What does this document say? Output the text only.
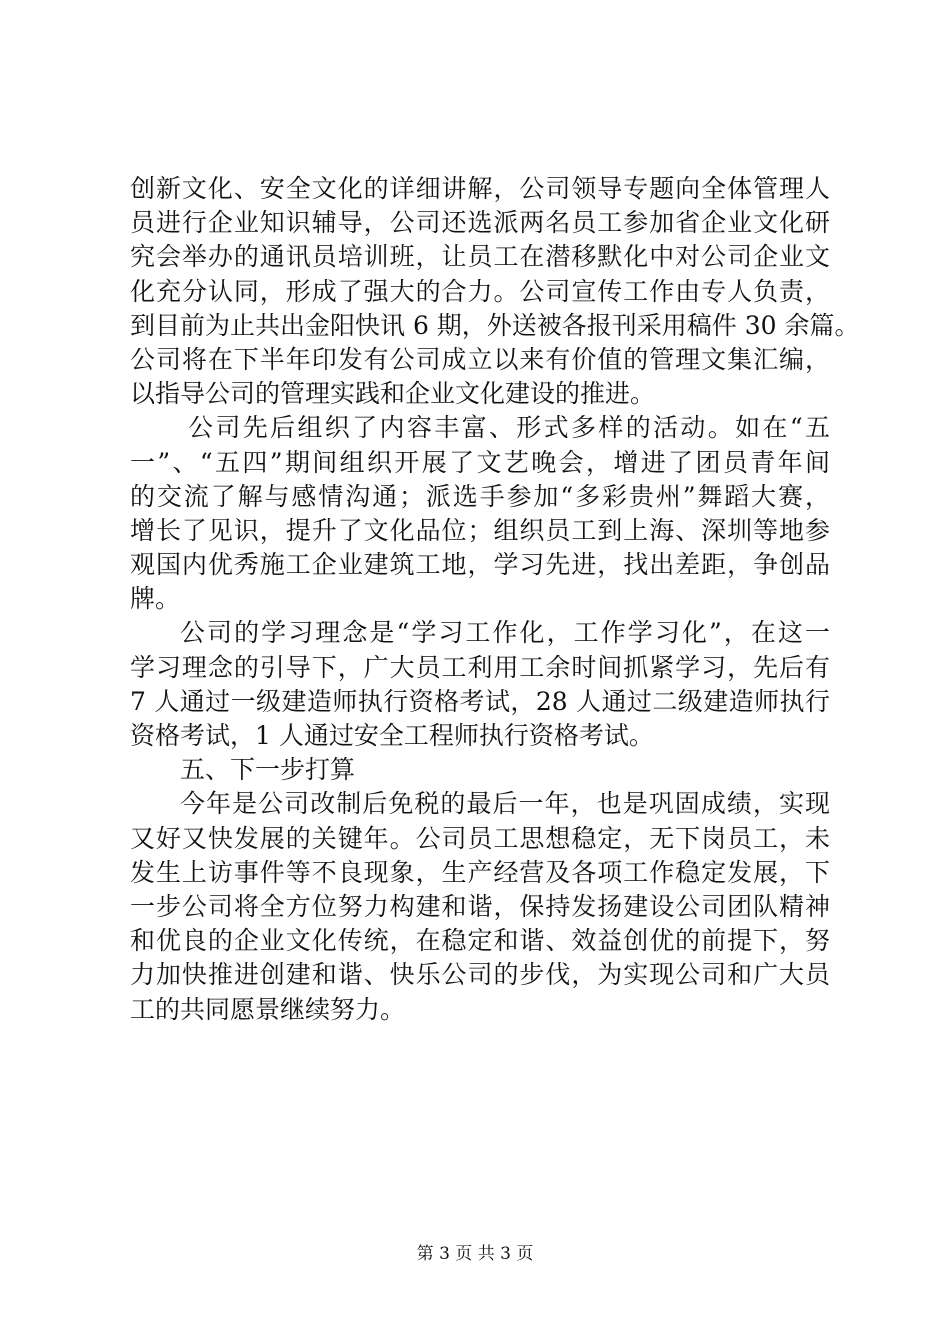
创新文化、安全文化的详细讲解，公司领导专题向全体管理人
员进行企业知识辅导，公司还选派两名员工参加省企业文化研
究会举办的通讯员培训班，让员工在潜移默化中对公司企业文
化充分认同，形成了强大的合力。公司宣传工作由专人负责，
到目前为止共出金阳快讯 6 期，外送被各报刊采用稿件 30 余篇。
公司将在下半年印发有公司成立以来有价值的管理文集汇编，
以指导公司的管理实践和企业文化建设的推进。
公司先后组织了内容丰富、形式多样的活动。如在“五
一”、“五四”期间组织开展了文艺晚会，增进了团员青年间
的交流了解与感情沟通；派选手参加“多彩贵州”舞蹈大赛，
增长了见识，提升了文化品位；组织员工到上海、深圳等地参
观国内优秀施工企业建筑工地，学习先进，找出差距，争创品
牌。
公司的学习理念是“学习工作化，工作学习化”，在这一
学习理念的引导下，广大员工利用工余时间抓紧学习，先后有
7 人通过一级建造师执行资格考试，28 人通过二级建造师执行
资格考试，1 人通过安全工程师执行资格考试。
五、下一步打算
今年是公司改制后免税的最后一年，也是巩固成绩，实现
又好又快发展的关键年。公司员工思想稳定，无下岗员工，未
发生上访事件等不良现象，生产经营及各项工作稳定发展，下
一步公司将全方位努力构建和谐，保持发扬建设公司团队精神
和优良的企业文化传统，在稳定和谐、效益创优的前提下，努
力加快推进创建和谐、快乐公司的步伐，为实现公司和广大员
工的共同愿景继续努力。
第 3 页 共 3 页
